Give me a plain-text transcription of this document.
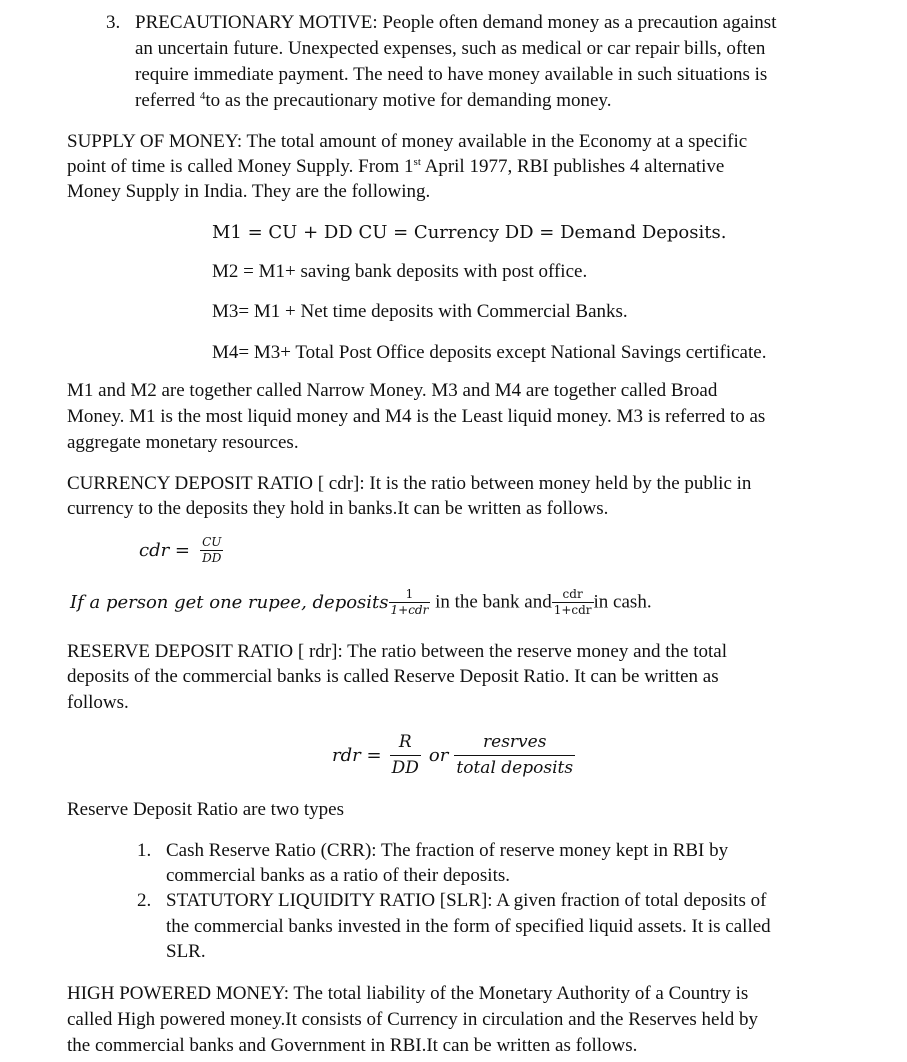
3. PRECAUTIONARY MOTIVE: People often demand money as a precaution against
an uncertain future. Unexpected expenses, such as medical or car repair bills, often
require immediate payment. The need to have money available in such situations is
referred $^4$to as the precautionary motive for demanding money.
SUPPLY OF MONEY: The total amount of money available in the Economy at a specific
point of time is called Money Supply. From 1st April 1977, RBI publishes 4 alternative
Money Supply in India. They are the following.
M1 = CU + DD CU = Currency DD = Demand Deposits.
M2 = M1+ saving bank deposits with post office.
M3= M1 + Net time deposits with Commercial Banks.
M4= M3+ Total Post Office deposits except National Savings certificate.
M1 and M2 are together called Narrow Money. M3 and M4 are together called Broad
Money. M1 is the most liquid money and M4 is the Least liquid money. M3 is referred to as
aggregate monetary resources.
CURRENCY DEPOSIT RATIO [ cdr]: It is the ratio between money held by the public in
currency to the deposits they hold in banks.It can be written as follows.
cdr = $\frac{CU}{DD}$
If a person get one rupee, deposits $\frac{1}{\text{1+cdr}}$ in the bank and $\frac{\text{cdr}}{\text{1+cdr}}$ in cash.
RESERVE DEPOSIT RATIO [ rdr]: The ratio between the reserve money and the total
deposits of the commercial banks is called Reserve Deposit Ratio. It can be written as
follows.
rdr = $\frac{R}{DD}$ or $\frac{\text{resrves}}{\text{total deposits}}$
Reserve Deposit Ratio are two types
1. Cash Reserve Ratio (CRR): The fraction of reserve money kept in RBI by
commercial banks as a ratio of their deposits.
2. STATUTORY LIQUIDITY RATIO [SLR]: A given fraction of total deposits of
the commercial banks invested in the form of specified liquid assets. It is called
SLR.
HIGH POWERED MONEY: The total liability of the Monetary Authority of a Country is
called High powered money.It consists of Currency in circulation and the Reserves held by
the commercial banks and Government in RBI.It can be written as follows.
